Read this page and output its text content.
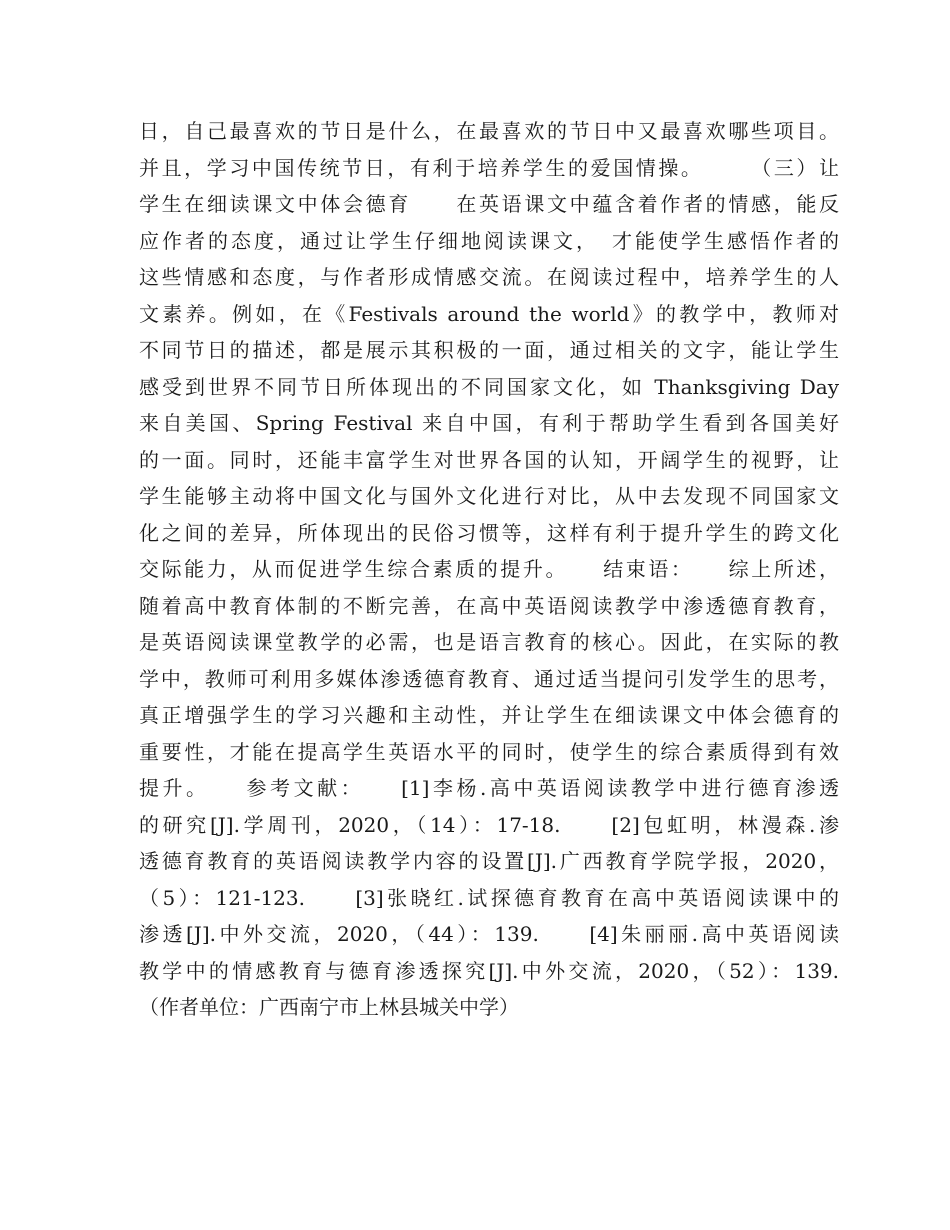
日，自己最喜欢的节日是什么，在最喜欢的节日中又最喜欢哪些项目。
并且，学习中国传统节日，有利于培养学生的爱国情操。　　　（三）让
学生在细读课文中体会德育　　在英语课文中蕴含着作者的情感，能反
应作者的态度，通过让学生仔细地阅读课文，　才能使学生感悟作者的
这些情感和态度，与作者形成情感交流。在阅读过程中，培养学生的人
文素养。例如，在《Festivals around the world》的教学中，教师对
不同节日的描述，都是展示其积极的一面，通过相关的文字，能让学生
感受到世界不同节日所体现出的不同国家文化，如 Thanksgiving Day
来自美国、Spring Festival 来自中国，有利于帮助学生看到各国美好
的一面。同时，还能丰富学生对世界各国的认知，开阔学生的视野，让
学生能够主动将中国文化与国外文化进行对比，从中去发现不同国家文
化之间的差异，所体现出的民俗习惯等，这样有利于提升学生的跨文化
交际能力，从而促进学生综合素质的提升。　　结束语：　　综上所述，
随着高中教育体制的不断完善，在高中英语阅读教学中渗透德育教育，
是英语阅读课堂教学的必需，也是语言教育的核心。因此，在实际的教
学中，教师可利用多媒体渗透德育教育、通过适当提问引发学生的思考，
真正增强学生的学习兴趣和主动性，并让学生在细读课文中体会德育的
重要性，才能在提高学生英语水平的同时，使学生的综合素质得到有效
提升。　　参考文献：　　[1]李杨.高中英语阅读教学中进行德育渗透
的研究[J].学周刊，2020，（14）：17-18.　　[2]包虹明，林漫森.渗
透德育教育的英语阅读教学内容的设置[J].广西教育学院学报，2020，
（5）：121-123.　　[3]张晓红.试探德育教育在高中英语阅读课中的
渗透[J].中外交流，2020，（44）：139.　　[4]朱丽丽.高中英语阅读
教学中的情感教育与德育渗透探究[J].中外交流，2020，（52）：139.
（作者单位：广西南宁市上林县城关中学）
